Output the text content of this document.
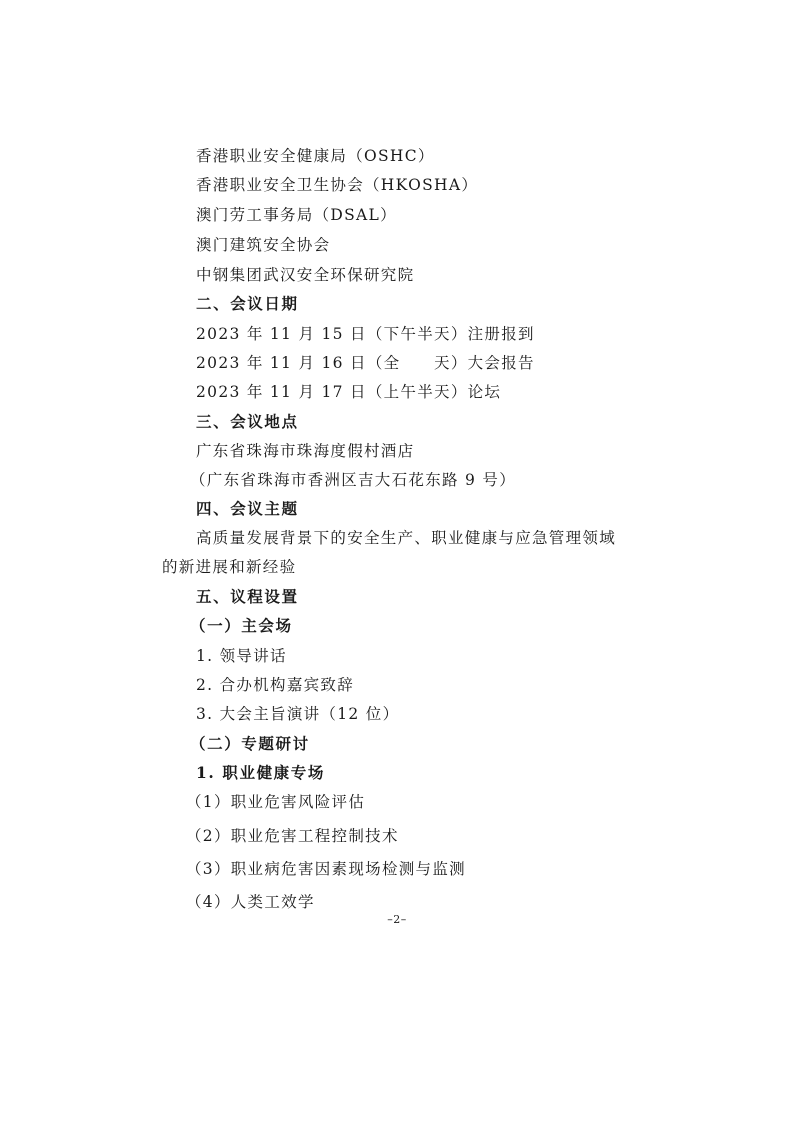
香港职业安全健康局（OSHC）
香港职业安全卫生协会（HKOSHA）
澳门劳工事务局（DSAL）
澳门建筑安全协会
中钢集团武汉安全环保研究院
二、会议日期
2023 年 11 月 15 日（下午半天）注册报到
2023 年 11 月 16 日（全　　天）大会报告
2023 年 11 月 17 日（上午半天）论坛
三、会议地点
广东省珠海市珠海度假村酒店
（广东省珠海市香洲区吉大石花东路 9 号）
四、会议主题
高质量发展背景下的安全生产、职业健康与应急管理领域
的新进展和新经验
五、议程设置
（一）主会场
1. 领导讲话
2. 合办机构嘉宾致辞
3. 大会主旨演讲（12 位）
（二）专题研讨
1. 职业健康专场
（1）职业危害风险评估
（2）职业危害工程控制技术
（3）职业病危害因素现场检测与监测
（4）人类工效学
–2–
